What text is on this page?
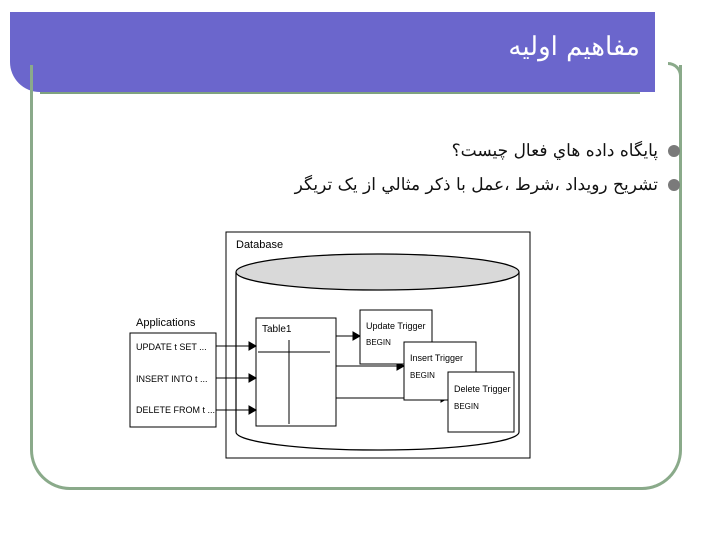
مفاهيم اوليه
پايگاه داده هاي فعال چيست؟
تشريح رويداد ،شرط ،عمل با ذکر مثالي از يک تريگر
Database
Table1
Applications
UPDATE t SET ...
INSERT INTO t ...
DELETE FROM t ...
Update Trigger
BEGIN
Insert Trigger
BEGIN
Delete Trigger
BEGIN
